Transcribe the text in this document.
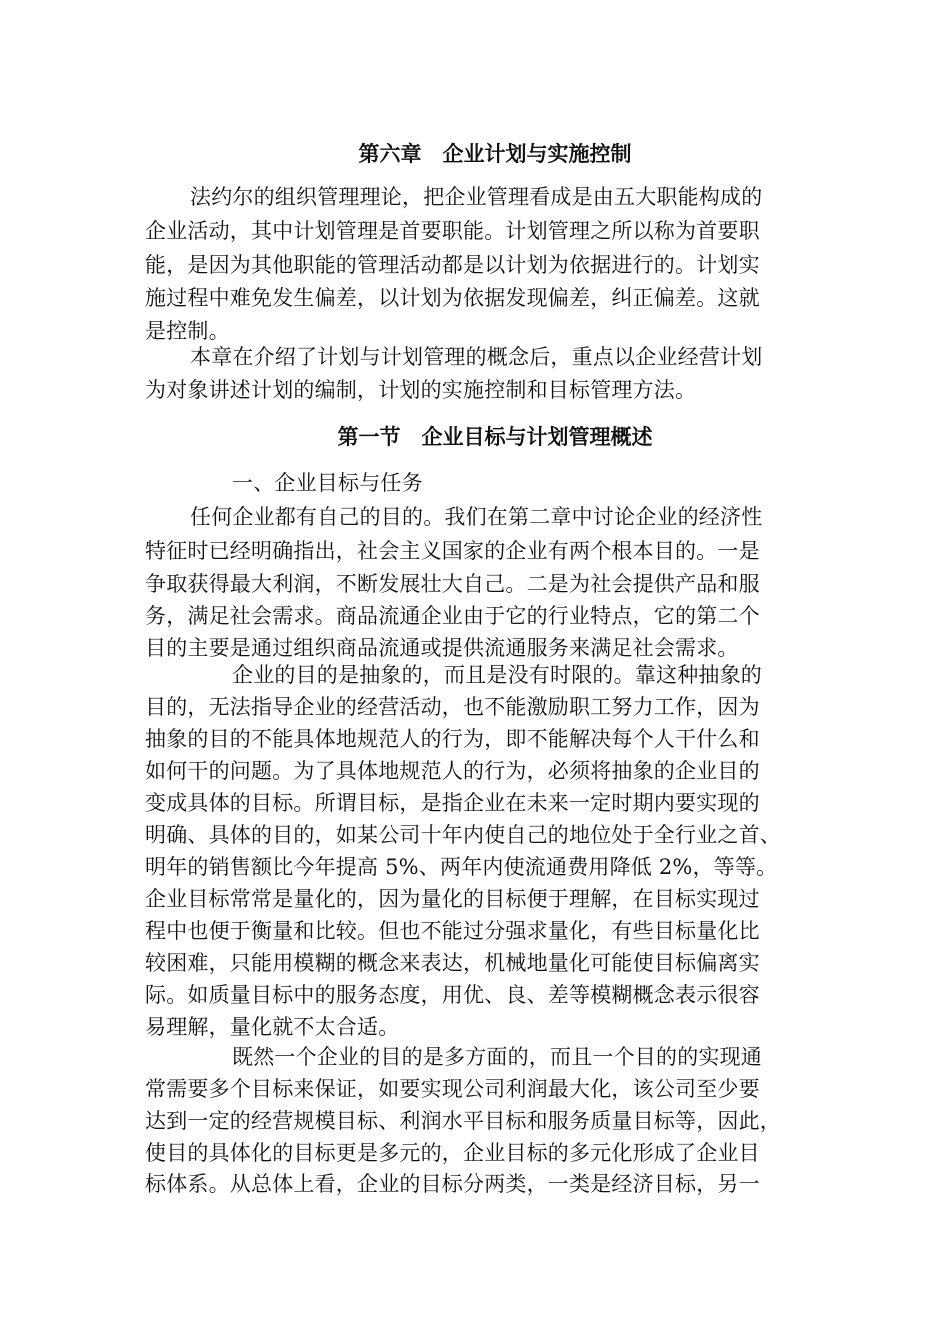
第六章　企业计划与实施控制
法约尔的组织管理理论，把企业管理看成是由五大职能构成的
企业活动，其中计划管理是首要职能。计划管理之所以称为首要职
能，是因为其他职能的管理活动都是以计划为依据进行的。计划实
施过程中难免发生偏差，以计划为依据发现偏差，纠正偏差。这就
是控制。
本章在介绍了计划与计划管理的概念后，重点以企业经营计划
为对象讲述计划的编制，计划的实施控制和目标管理方法。
第一节　企业目标与计划管理概述
一、企业目标与任务
任何企业都有自己的目的。我们在第二章中讨论企业的经济性
特征时已经明确指出，社会主义国家的企业有两个根本目的。一是
争取获得最大利润，不断发展壮大自己。二是为社会提供产品和服
务，满足社会需求。商品流通企业由于它的行业特点，它的第二个
目的主要是通过组织商品流通或提供流通服务来满足社会需求。
企业的目的是抽象的，而且是没有时限的。靠这种抽象的
目的，无法指导企业的经营活动，也不能激励职工努力工作，因为
抽象的目的不能具体地规范人的行为，即不能解决每个人干什么和
如何干的问题。为了具体地规范人的行为，必须将抽象的企业目的
变成具体的目标。所谓目标，是指企业在未来一定时期内要实现的
明确、具体的目的，如某公司十年内使自己的地位处于全行业之首、
明年的销售额比今年提高 5%、两年内使流通费用降低 2%，等等。
企业目标常常是量化的，因为量化的目标便于理解，在目标实现过
程中也便于衡量和比较。但也不能过分强求量化，有些目标量化比
较困难，只能用模糊的概念来表达，机械地量化可能使目标偏离实
际。如质量目标中的服务态度，用优、良、差等模糊概念表示很容
易理解，量化就不太合适。
既然一个企业的目的是多方面的，而且一个目的的实现通
常需要多个目标来保证，如要实现公司利润最大化，该公司至少要
达到一定的经营规模目标、利润水平目标和服务质量目标等，因此，
使目的具体化的目标更是多元的，企业目标的多元化形成了企业目
标体系。从总体上看，企业的目标分两类，一类是经济目标，另一
